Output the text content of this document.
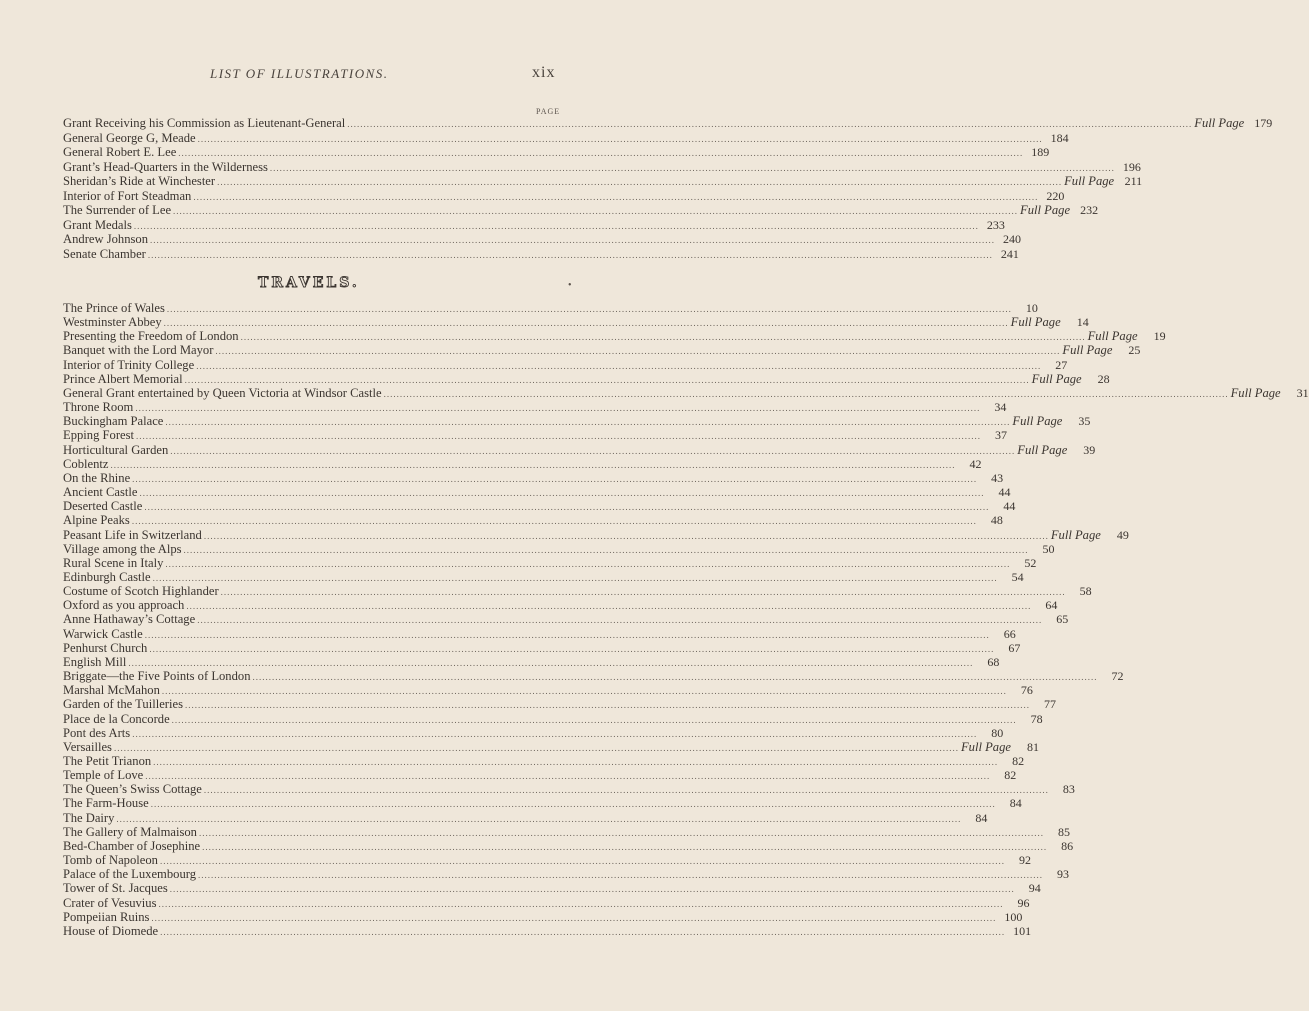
LIST OF ILLUSTRATIONS.	xix
PAGE
Grant Receiving his Commission as Lieutenant-General .................................................................................................................................................................................................................................................................... Full Page 179
General George G, Meade .................................................................................................................................................................................................................................................................... 184
General Robert E. Lee .................................................................................................................................................................................................................................................................... 189
Grant’s Head-Quarters in the Wilderness .................................................................................................................................................................................................................................................................... 196
Sheridan’s Ride at Winchester .................................................................................................................................................................................................................................................................... Full Page 211
Interior of Fort Steadman .................................................................................................................................................................................................................................................................... 220
The Surrender of Lee .................................................................................................................................................................................................................................................................... Full Page 232
Grant Medals .................................................................................................................................................................................................................................................................... 233
Andrew Johnson .................................................................................................................................................................................................................................................................... 240
Senate Chamber .................................................................................................................................................................................................................................................................... 241
TRAVELS.	•
The Prince of Wales ....................................................................................................................................................................................................................................................................	10
Westminster Abbey .................................................................................................................................................................................................................................................................... Full Page	14
Presenting the Freedom of London .................................................................................................................................................................................................................................................................... Full Page	19
Banquet with the Lord Mayor .................................................................................................................................................................................................................................................................... Full Page	25
Interior of Trinity College ....................................................................................................................................................................................................................................................................	27
Prince Albert Memorial .................................................................................................................................................................................................................................................................... Full Page	28
General Grant entertained by Queen Victoria at Windsor Castle .................................................................................................................................................................................................................................................................... Full Page	31
Throne Room ....................................................................................................................................................................................................................................................................	34
Buckingham Palace .................................................................................................................................................................................................................................................................... Full Page	35
Epping Forest ....................................................................................................................................................................................................................................................................	37
Horticultural Garden .................................................................................................................................................................................................................................................................... Full Page	39
Coblentz ....................................................................................................................................................................................................................................................................	42
On the Rhine ....................................................................................................................................................................................................................................................................	43
Ancient Castle ....................................................................................................................................................................................................................................................................	44
Deserted Castle ....................................................................................................................................................................................................................................................................	44
Alpine Peaks ....................................................................................................................................................................................................................................................................	48
Peasant Life in Switzerland .................................................................................................................................................................................................................................................................... Full Page	49
Village among the Alps ....................................................................................................................................................................................................................................................................	50
Rural Scene in Italy ....................................................................................................................................................................................................................................................................	52
Edinburgh Castle ....................................................................................................................................................................................................................................................................	54
Costume of Scotch Highlander ....................................................................................................................................................................................................................................................................	58
Oxford as you approach ....................................................................................................................................................................................................................................................................	64
Anne Hathaway’s Cottage ....................................................................................................................................................................................................................................................................	65
Warwick Castle ....................................................................................................................................................................................................................................................................	66
Penhurst Church ....................................................................................................................................................................................................................................................................	67
English Mill ....................................................................................................................................................................................................................................................................	68
Briggate—the Five Points of London ....................................................................................................................................................................................................................................................................	72
Marshal McMahon ....................................................................................................................................................................................................................................................................	76
Garden of the Tuilleries ....................................................................................................................................................................................................................................................................	77
Place de la Concorde ....................................................................................................................................................................................................................................................................	78
Pont des Arts ....................................................................................................................................................................................................................................................................	80
Versailles .................................................................................................................................................................................................................................................................... Full Page	81
The Petit Trianon ....................................................................................................................................................................................................................................................................	82
Temple of Love ....................................................................................................................................................................................................................................................................	82
The Queen’s Swiss Cottage ....................................................................................................................................................................................................................................................................	83
The Farm-House ....................................................................................................................................................................................................................................................................	84
The Dairy ....................................................................................................................................................................................................................................................................	84
The Gallery of Malmaison ....................................................................................................................................................................................................................................................................	85
Bed-Chamber of Josephine ....................................................................................................................................................................................................................................................................	86
Tomb of Napoleon ....................................................................................................................................................................................................................................................................	92
Palace of the Luxembourg ....................................................................................................................................................................................................................................................................	93
Tower of St. Jacques ....................................................................................................................................................................................................................................................................	94
Crater of Vesuvius ....................................................................................................................................................................................................................................................................	96
Pompeiian Ruins .................................................................................................................................................................................................................................................................... 100
House of Diomede .................................................................................................................................................................................................................................................................... 101
